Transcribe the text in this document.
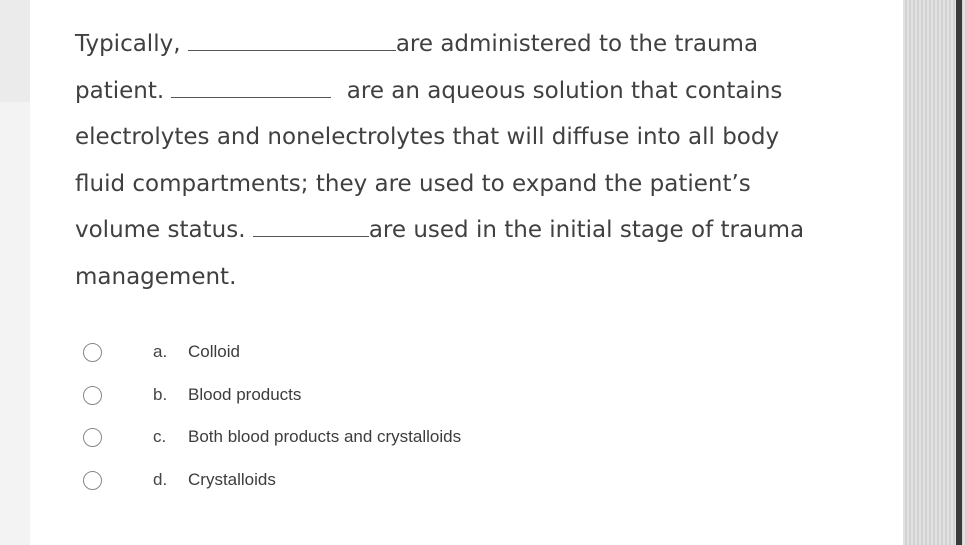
Typically,	are administered to the trauma
patient.	are an aqueous solution that contains
electrolytes and nonelectrolytes that will diffuse into all body
fluid compartments; they are used to expand the patient’s
volume status.	are used in the initial stage of trauma
management.
a. Colloid
b. Blood products
c. Both blood products and crystalloids
d. Crystalloids
